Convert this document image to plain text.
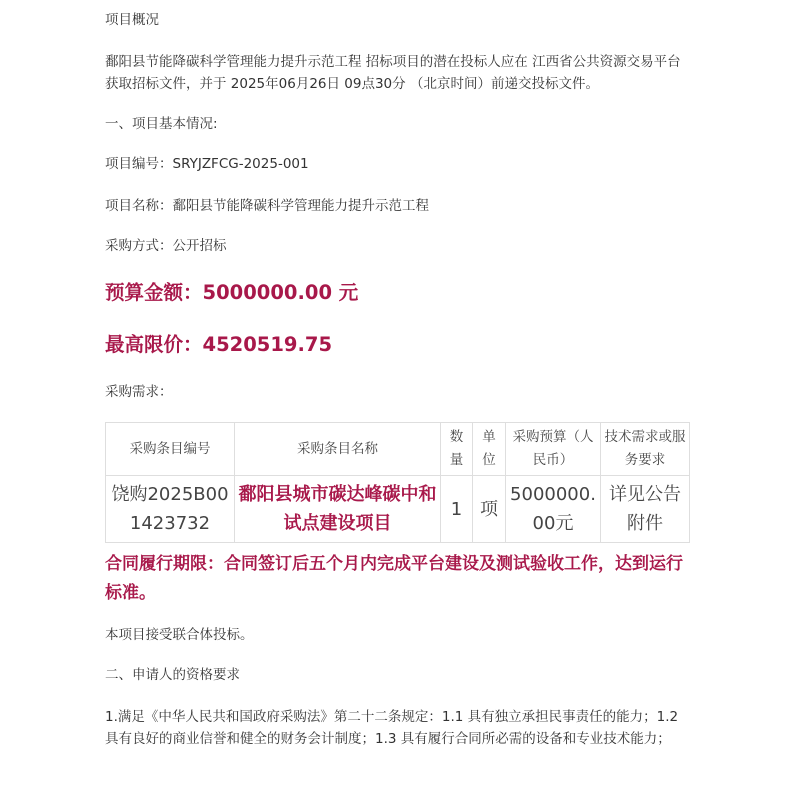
项目概况

鄱阳县节能降碳科学管理能力提升示范工程 招标项目的潜在投标人应在 江西省公共资源交易平台 获取招标文件，并于 2025年06月26日 09点30分 （北京时间）前递交投标文件。

一、项目基本情况:

项目编号：SRYJZFCG-2025-001

项目名称：鄱阳县节能降碳科学管理能力提升示范工程

采购方式：公开招标

预算金额：5000000.00 元

最高限价：4520519.75

采购需求：

采购条目编号	采购条目名称	数量	单位	采购预算（人民币）	技术需求或服务要求
饶购2025B001423732	鄱阳县城市碳达峰碳中和试点建设项目	1	项	5000000.00元	详见公告附件

合同履行期限：合同签订后五个月内完成平台建设及测试验收工作，达到运行标准。

本项目接受联合体投标。

二、申请人的资格要求

1.满足《中华人民共和国政府采购法》第二十二条规定：1.1 具有独立承担民事责任的能力；1.2 具有良好的商业信誉和健全的财务会计制度；1.3 具有履行合同所必需的设备和专业技术能力；
